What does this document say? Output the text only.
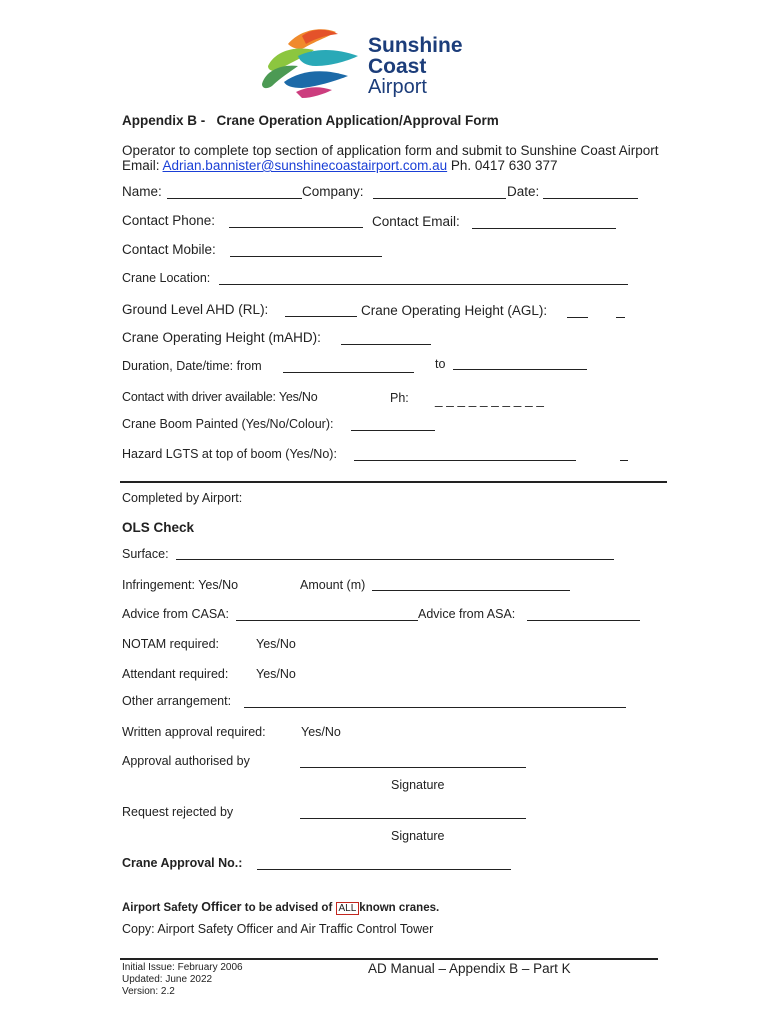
Sunshine
Coast
Airport
Appendix B - Crane Operation Application/Approval Form
Operator to complete top section of application form and submit to Sunshine Coast Airport
Email: Adrian.bannister@sunshinecoastairport.com.au Ph. 0417 630 377
Name:	Company:	Date:
Contact Phone:	Contact Email:
Contact Mobile:
Crane Location:
Ground Level AHD (RL):	Crane Operating Height (AGL):
Crane Operating Height (mAHD):
Duration, Date/time: from	to
Contact with driver available: Yes/No	Ph: _ _ _ _ _ _ _ _ _ _
Crane Boom Painted (Yes/No/Colour):
Hazard LGTS at top of boom (Yes/No):
Completed by Airport:
OLS Check
Surface:
Infringement: Yes/No	Amount (m)
Advice from CASA:	Advice from ASA:
NOTAM required:	Yes/No
Attendant required: Yes/No
Other arrangement:
Written approval required:	Yes/No
Approval authorised by
Signature
Request rejected by
Signature
Crane Approval No.:
Airport Safety Officer to be advised of ALL known cranes.
Copy: Airport Safety Officer and Air Traffic Control Tower
Initial Issue: February 2006
Updated: June 2022
Version: 2.2
AD Manual – Appendix B – Part K
